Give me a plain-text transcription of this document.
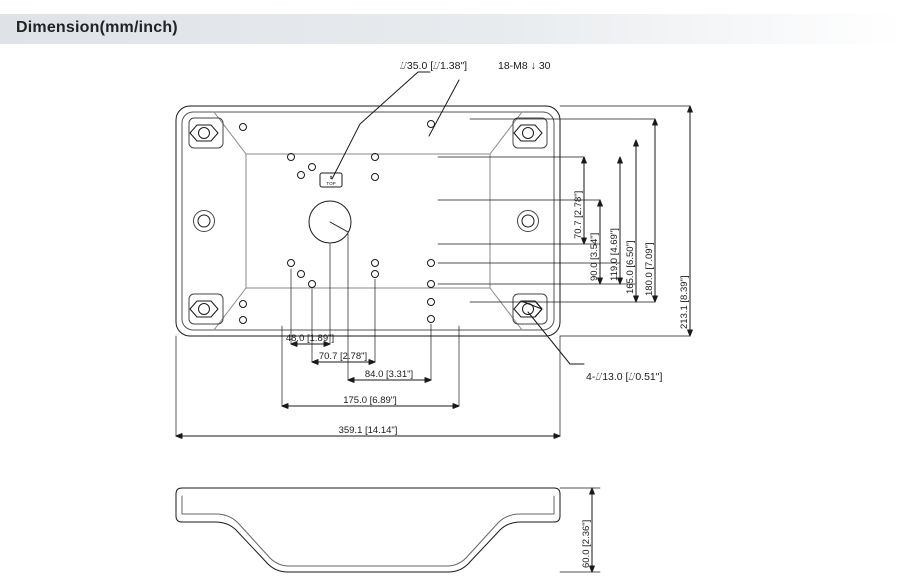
Dimension(mm/inch)
⬆
TOP
⌰35.0 [⌰1.38"]	18-M8 ↓ 30
4-⌰13.0 [⌰0.51"]
70.7 [2.78"]
90.0 [3.54"] 119.0 [4.69"] 165.0 [6.50"] 180.0 [7.09"]
213.1 [8.39"]
48.0 [1.89"]
70.7 [2.78"]
84.0 [3.31"]
175.0 [6.89"]
359.1 [14.14"]
60.0 [2.36"]
